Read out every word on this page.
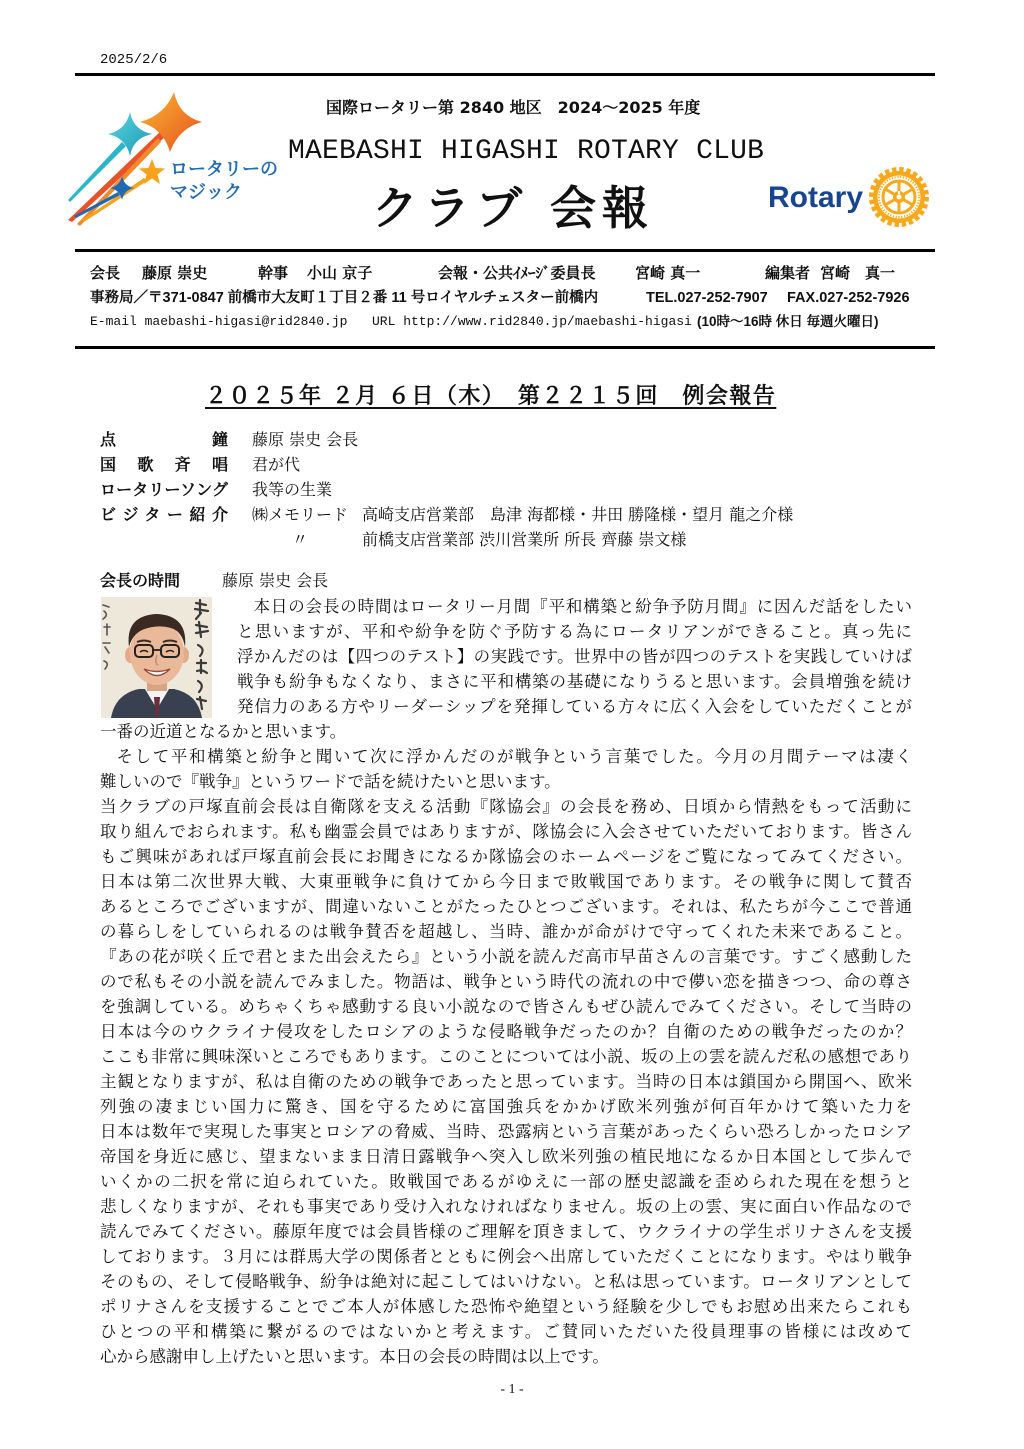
2025/2/6
ロータリーの
マジック
国際ロータリー第 2840 地区　2024～2025 年度
MAEBASHI HIGASHI ROTARY CLUB
クラブ 会報	Rotary
会長 藤原 崇史	幹事 小山 京子	会報・公共ｲﾒｰｼﾞ委員長	宮崎 真一	編集者 宮崎　真一
事務局／〒371-0847 前橋市大友町１丁目２番 11 号ロイヤルチェスター前橋内	TEL.027-252-7907 FAX.027-252-7926
E-mail maebashi-higasi@rid2840.jp URL http://www.rid2840.jp/maebashi-higasi (10時～16時 休日 毎週火曜日)
２０２５年 ２月 ６日（木）　第２２１５回　例会報告
点鐘 藤原 崇史 会長
国歌斉唱 君が代
ロータリーソング 我等の生業
ビジター紹介 ㈱メモリード 高崎支店営業部　島津 海都様・井田 勝隆様・望月 龍之介様
〃	前橋支店営業部 渋川営業所 所長 齊藤 崇文様
会長の時間	藤原 崇史 会長
本日の会長の時間はロータリー月間『平和構築と紛争予防月間』に因んだ話をしたい
と思いますが、平和や紛争を防ぐ予防する為にロータリアンができること。真っ先に
浮かんだのは【四つのテスト】の実践です。世界中の皆が四つのテストを実践していけば
戦争も紛争もなくなり、まさに平和構築の基礎になりうると思います。会員増強を続け
発信力のある方やリーダーシップを発揮している方々に広く入会をしていただくことが
一番の近道となるかと思います。
そして平和構築と紛争と聞いて次に浮かんだのが戦争という言葉でした。今月の月間テーマは凄く
難しいので『戦争』というワードで話を続けたいと思います。
当クラブの戸塚直前会長は自衛隊を支える活動『隊協会』の会長を務め、日頃から情熱をもって活動に
取り組んでおられます。私も幽霊会員ではありますが、隊協会に入会させていただいております。皆さん
もご興味があれば戸塚直前会長にお聞きになるか隊協会のホームページをご覧になってみてください。
日本は第二次世界大戦、大東亜戦争に負けてから今日まで敗戦国であります。その戦争に関して賛否
あるところでございますが、間違いないことがたったひとつございます。それは、私たちが今ここで普通
の暮らしをしていられるのは戦争賛否を超越し、当時、誰かが命がけで守ってくれた未来であること。
『あの花が咲く丘で君とまた出会えたら』という小説を読んだ高市早苗さんの言葉です。すごく感動した
ので私もその小説を読んでみました。物語は、戦争という時代の流れの中で儚い恋を描きつつ、命の尊さ
を強調している。めちゃくちゃ感動する良い小説なので皆さんもぜひ読んでみてください。そして当時の
日本は今のウクライナ侵攻をしたロシアのような侵略戦争だったのか？自衛のための戦争だったのか？
ここも非常に興味深いところでもあります。このことについては小説、坂の上の雲を読んだ私の感想であり
主観となりますが、私は自衛のための戦争であったと思っています。当時の日本は鎖国から開国へ、欧米
列強の凄まじい国力に驚き、国を守るために富国強兵をかかげ欧米列強が何百年かけて築いた力を
日本は数年で実現した事実とロシアの脅威、当時、恐露病という言葉があったくらい恐ろしかったロシア
帝国を身近に感じ、望まないまま日清日露戦争へ突入し欧米列強の植民地になるか日本国として歩んで
いくかの二択を常に迫られていた。敗戦国であるがゆえに一部の歴史認識を歪められた現在を想うと
悲しくなりますが、それも事実であり受け入れなければなりません。坂の上の雲、実に面白い作品なので
読んでみてください。藤原年度では会員皆様のご理解を頂きまして、ウクライナの学生ポリナさんを支援
しております。３月には群馬大学の関係者とともに例会へ出席していただくことになります。やはり戦争
そのもの、そして侵略戦争、紛争は絶対に起こしてはいけない。と私は思っています。ロータリアンとして
ポリナさんを支援することでご本人が体感した恐怖や絶望という経験を少しでもお慰め出来たらこれも
ひとつの平和構築に繋がるのではないかと考えます。ご賛同いただいた役員理事の皆様には改めて
心から感謝申し上げたいと思います。本日の会長の時間は以上です。
- 1 -
